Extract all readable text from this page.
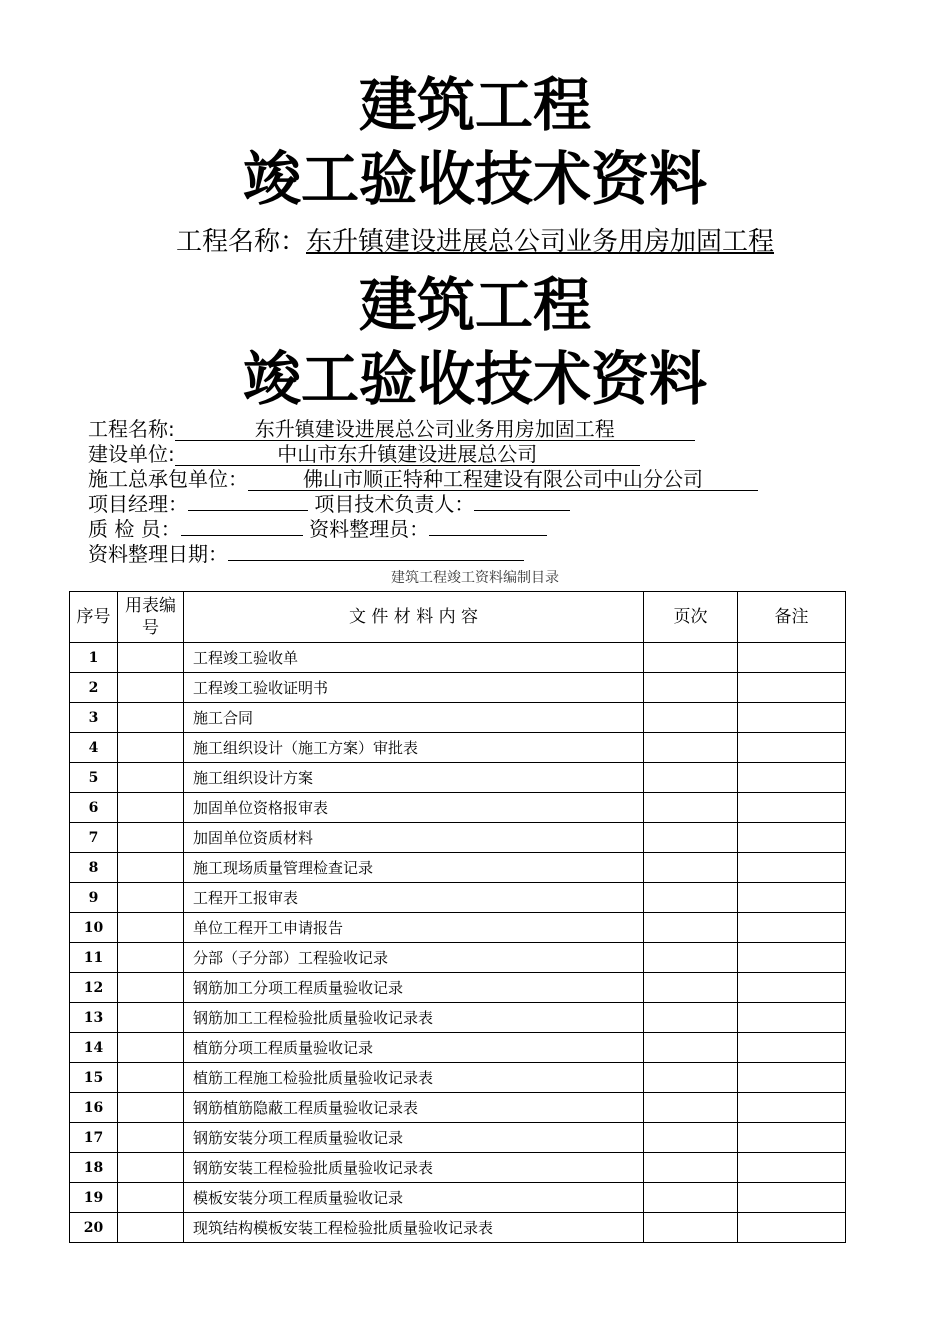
建筑工程
竣工验收技术资料
工程名称：东升镇建设进展总公司业务用房加固工程
建筑工程
竣工验收技术资料
工程名称:	东升镇建设进展总公司业务用房加固工程
建设单位:	中山市东升镇建设进展总公司
施工总承包单位：	佛山市顺正特种工程建设有限公司中山分公司
项目经理：	项目技术负责人：
质 检 员：	资料整理员：
资料整理日期：
建筑工程竣工资料编制目录
序号	用表编号	文 件 材 料 内 容	页次	备注
1		工程竣工验收单		
2		工程竣工验收证明书		
3		施工合同		
4		施工组织设计（施工方案）审批表		
5		施工组织设计方案		
6		加固单位资格报审表		
7		加固单位资质材料		
8		施工现场质量管理检查记录		
9		工程开工报审表		
10		单位工程开工申请报告		
11		分部（子分部）工程验收记录		
12		钢筋加工分项工程质量验收记录		
13		钢筋加工工程检验批质量验收记录表		
14		植筋分项工程质量验收记录		
15		植筋工程施工检验批质量验收记录表		
16		钢筋植筋隐蔽工程质量验收记录表		
17		钢筋安装分项工程质量验收记录		
18		钢筋安装工程检验批质量验收记录表		
19		模板安装分项工程质量验收记录		
20		现筑结构模板安装工程检验批质量验收记录表		
